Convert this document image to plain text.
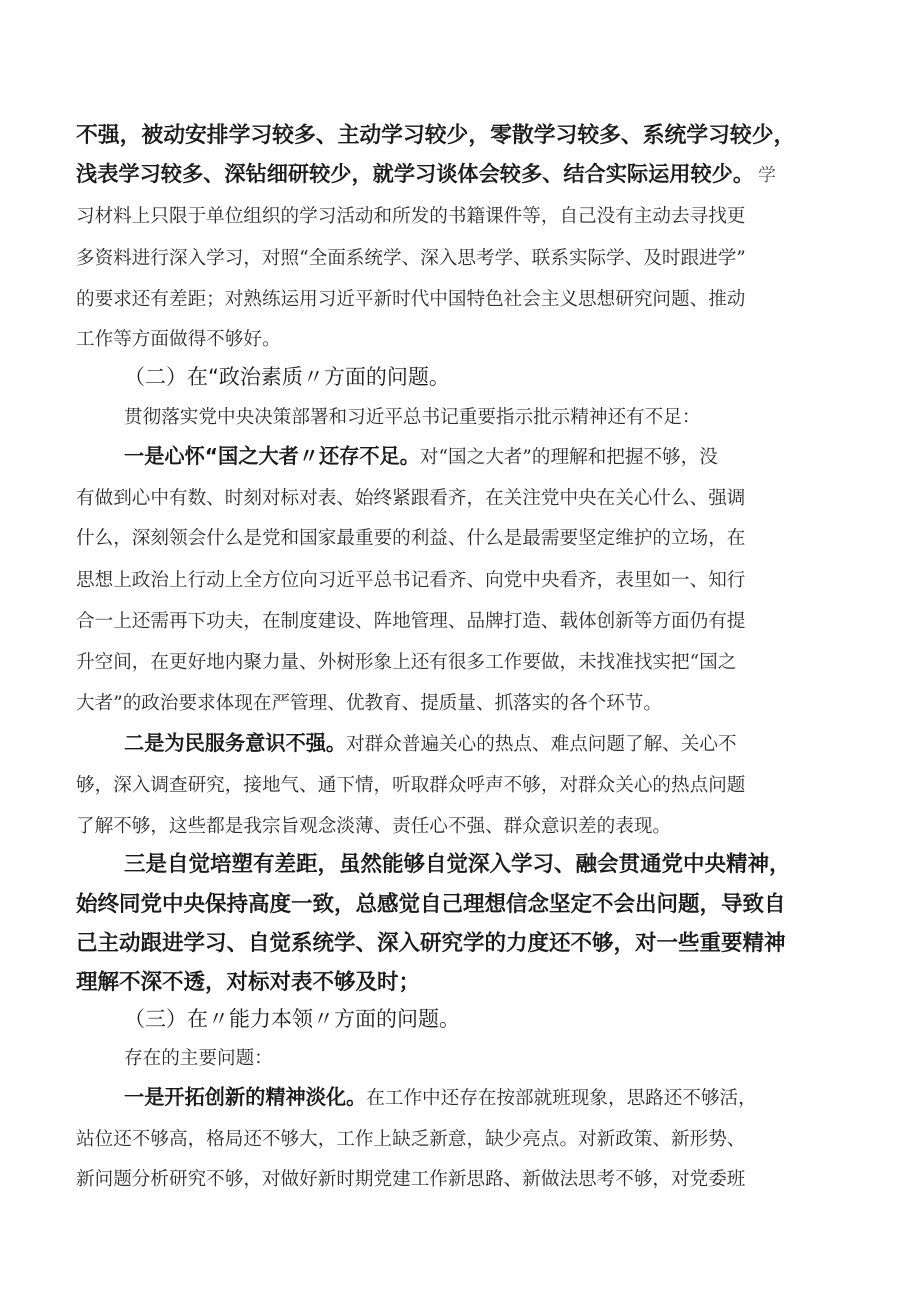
不强，被动安排学习较多、主动学习较少，零散学习较多、系统学习较少，
浅表学习较多、深钻细研较少，就学习谈体会较多、结合实际运用较少。 学
习材料上只限于单位组织的学习活动和所发的书籍课件等，自己没有主动去寻找更
多资料进行深入学习，对照“全面系统学、深入思考学、联系实际学、及时跟进学”
的要求还有差距；对熟练运用习近平新时代中国特色社会主义思想研究问题、推动
工作等方面做得不够好。
（二）在“政治素质〃方面的问题。
贯彻落实党中央决策部署和习近平总书记重要指示批示精神还有不足：
一是心怀“国之大者〃还存不足。对“国之大者”的理解和把握不够，没
有做到心中有数、时刻对标对表、始终紧跟看齐，在关注党中央在关心什么、强调
什么，深刻领会什么是党和国家最重要的利益、什么是最需要坚定维护的立场，在
思想上政治上行动上全方位向习近平总书记看齐、向党中央看齐，表里如一、知行
合一上还需再下功夫，在制度建设、阵地管理、品牌打造、载体创新等方面仍有提
升空间，在更好地内聚力量、外树形象上还有很多工作要做，未找准找实把“国之
大者”的政治要求体现在严管理、优教育、提质量、抓落实的各个环节。
二是为民服务意识不强。对群众普遍关心的热点、难点问题了解、关心不
够，深入调查研究，接地气、通下情，听取群众呼声不够，对群众关心的热点问题
了解不够，这些都是我宗旨观念淡薄、责任心不强、群众意识差的表现。
三是自觉培塑有差距，虽然能够自觉深入学习、融会贯通党中央精神，
始终同党中央保持高度一致，总感觉自己理想信念坚定不会出问题，导致自
己主动跟进学习、自觉系统学、深入研究学的力度还不够，对一些重要精神
理解不深不透，对标对表不够及时；
（三）在〃能力本领〃方面的问题。
存在的主要问题：
一是开拓创新的精神淡化。在工作中还存在按部就班现象，思路还不够活，
站位还不够高，格局还不够大，工作上缺乏新意，缺少亮点。对新政策、新形势、
新问题分析研究不够，对做好新时期党建工作新思路、新做法思考不够，对党委班
